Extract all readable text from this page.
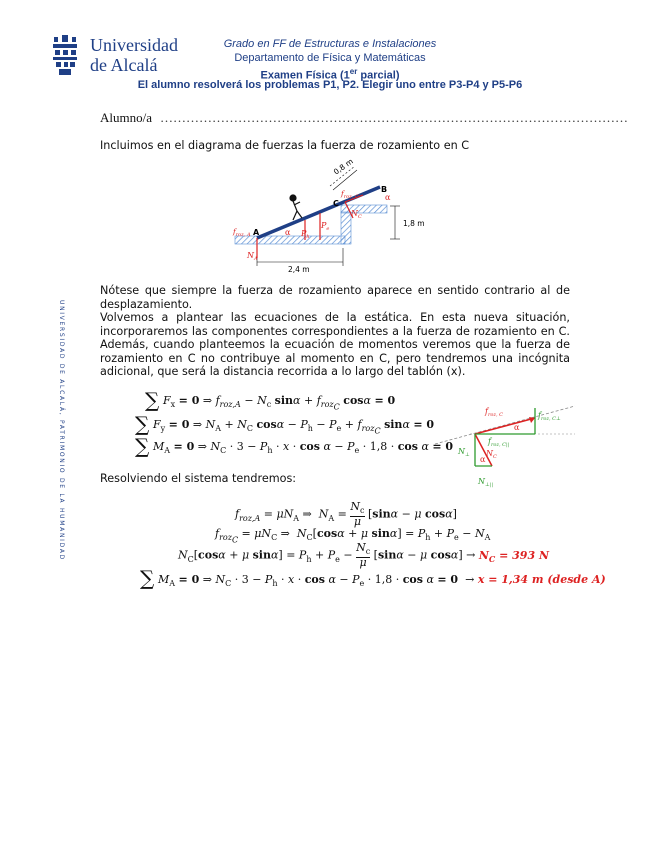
Universidad
de Alcalá
Grado en FF de Estructuras e Instalaciones
Departamento de Física y Matemáticas
Examen Física (1er parcial)
El alumno resolverá los problemas P1, P2. Elegir uno entre P3-P4 y P5-P6
Alumno/a ………………………………………………………………………………………………
UNIVERSIDAD DE ALCALÁ, PATRIMONIO DE LA HUMANIDAD
Incluimos en el diagrama de fuerzas la fuerza de rozamiento en C
0,8 m
1,8 m
2,4 m
A
B
C
$f_{roz, A}$
$f_{roz, C}$
α
α
$P_h$
$P_e$
$N_A$
$N_C$
Nótese que siempre la fuerza de rozamiento aparece en sentido contrario al de desplazamiento.
Volvemos a plantear las ecuaciones de la estática. En esta nueva situación, incorporaremos las componentes correspondientes a la fuerza de rozamiento en C. Además, cuando planteemos la ecuación de momentos veremos que la fuerza de rozamiento en C no contribuye al momento en C, pero tendremos una incógnita adicional, que será la distancia recorrida a lo largo del tablón (x).
∑ $F_x = 0$ ⇒ $f_{roz,A} - N_c$ $\sin\alpha + f_{roz_C}$ cosα = 0
∑ $F_y = 0$ ⇒ $N_A + N_C$ $\cos\alpha - P_h - P_e + f_{roz_C}$ sinα = 0
∑ $M_A = 0$ ⇒ $N_C \cdot 3 - P_h \cdot x \cdot \cos \alpha - P_e \cdot 1,8 \cdot \cos \alpha = 0$
$f_{roz, C}$	$f_{roz, C\perp}$
$f_{roz, C||}$
α
$N_C$
$N_\perp$
$N_{\perp||}$
α
Resolviendo el sistema tendremos:
$f_{roz,A} = \mu N_A$ ⇒  $N_A = \frac{N_c}{\mu} [\sin\alpha - \mu$ cosα]
$f_{roz_C} = \mu N_C$ ⇒  $N_C[\cos\alpha + \mu$ $\sin\alpha] = P_h + P_e - N_A$
$N_C[\cos\alpha + \mu$ $\sin\alpha] = P_h + P_e - \frac{N_c}{\mu} [\sin\alpha - \mu$ $\cos\alpha] \to N_C = 393$ N
∑ $M_A = 0$ ⇒ $N_C \cdot 3 - P_h \cdot x \cdot \cos \alpha - P_e \cdot 1,8 \cdot \cos \alpha = 0 \to x = 1,34$ m (desde A)
